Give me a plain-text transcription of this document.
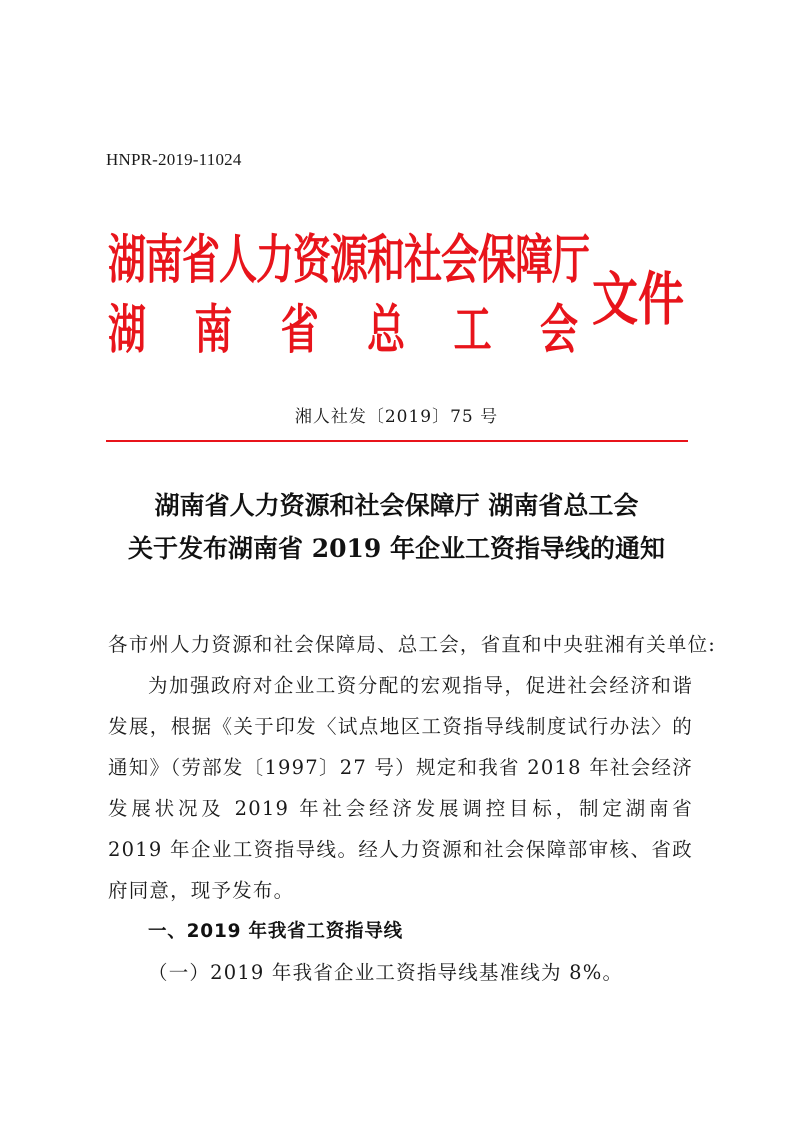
HNPR-2019-11024
湖南省人力资源和社会保障厅
湖 南 省 总 工 会 文件
湘人社发〔2019〕75 号
湖南省人力资源和社会保障厅 湖南省总工会
关于发布湖南省 2019 年企业工资指导线的通知

各市州人力资源和社会保障局、总工会，省直和中央驻湘有关单位:

为加强政府对企业工资分配的宏观指导，促进社会经济和谐发展，根据《关于印发〈试点地区工资指导线制度试行办法〉的通知》（劳部发〔1997〕27 号）规定和我省 2018 年社会经济发展状况及 2019 年社会经济发展调控目标，制定湖南省 2019 年企业工资指导线。经人力资源和社会保障部审核、省政府同意，现予发布。

一、2019 年我省工资指导线

（一）2019 年我省企业工资指导线基准线为 8%。
